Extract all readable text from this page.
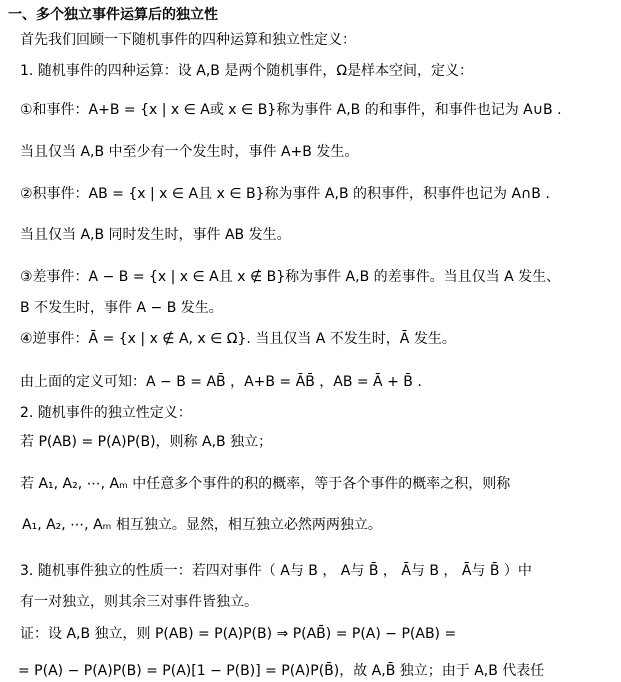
一、多个独立事件运算后的独立性
首先我们回顾一下随机事件的四种运算和独立性定义：
1. 随机事件的四种运算：设 A,B 是两个随机事件，Ω是样本空间，定义：
①和事件：A+B = {x | x ∈ A或 x ∈ B}称为事件 A,B 的和事件，和事件也记为 A∪B .
当且仅当 A,B 中至少有一个发生时，事件 A+B 发生。
②积事件：AB = {x | x ∈ A且 x ∈ B}称为事件 A,B 的积事件，积事件也记为 A∩B .
当且仅当 A,B 同时发生时，事件 AB 发生。
③差事件：A − B = {x | x ∈ A且 x ∉ B}称为事件 A,B 的差事件。当且仅当 A 发生、
B 不发生时，事件 A − B 发生。
④逆事件：Ā = {x | x ∉ A, x ∈ Ω}. 当且仅当 A 不发生时，Ā 发生。
由上面的定义可知：A − B = AB̄ ，A+B = ĀB̄ ，AB = Ā + B̄ .
2. 随机事件的独立性定义：
若 P(AB) = P(A)P(B)，则称 A,B 独立；
若 A₁, A₂, ⋯, Aₘ 中任意多个事件的积的概率，等于各个事件的概率之积，则称
A₁, A₂, ⋯, Aₘ 相互独立。显然，相互独立必然两两独立。
3. 随机事件独立的性质一：若四对事件（ A与 B ， A与 B̄ ， Ā与 B ， Ā与 B̄ ）中
有一对独立，则其余三对事件皆独立。
证：设 A,B 独立，则 P(AB) = P(A)P(B) ⇒ P(AB̄) = P(A) − P(AB) =
= P(A) − P(A)P(B) = P(A)[1 − P(B)] = P(A)P(B̄)，故 A,B̄ 独立；由于 A,B 代表任
